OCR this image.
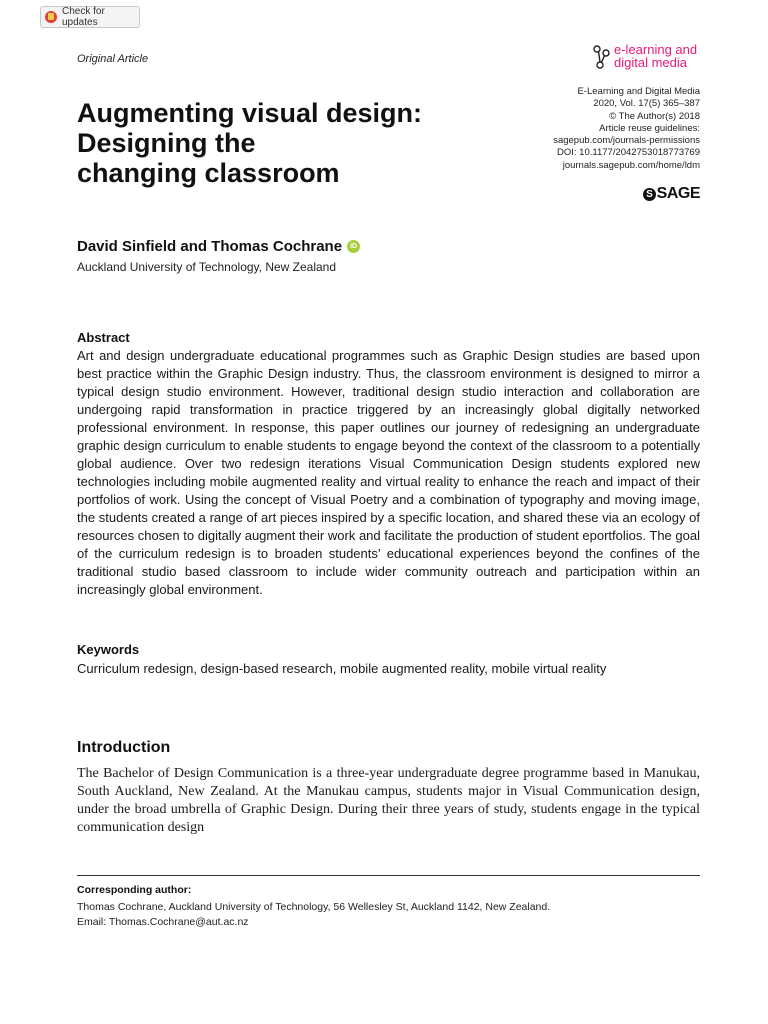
Check for updates
Original Article
e-learning and
digital media
E-Learning and Digital Media
2020, Vol. 17(5) 365–387
© The Author(s) 2018
Article reuse guidelines:
sagepub.com/journals-permissions
DOI: 10.1177/2042753018773769
journals.sagepub.com/home/ldm
S SAGE
Augmenting visual design:
Designing the
changing classroom
David Sinfield and Thomas Cochrane	iD
Auckland University of Technology, New Zealand
Abstract

Art and design undergraduate educational programmes such as Graphic Design studies are based upon best practice within the Graphic Design industry. Thus, the classroom environment is designed to mirror a typical design studio environment. However, traditional design studio interaction and collaboration are undergoing rapid transformation in practice triggered by an increasingly global digitally networked professional environment. In response, this paper outlines our journey of redesigning an undergraduate graphic design curriculum to enable students to engage beyond the context of the classroom to a potentially global audience. Over two redesign iterations Visual Communication Design students explored new technologies including mobile augmented reality and virtual reality to enhance the reach and impact of their portfolios of work. Using the concept of Visual Poetry and a combination of typography and moving image, the students created a range of art pieces inspired by a specific location, and shared these via an ecology of resources chosen to digitally augment their work and facilitate the production of student eportfolios. The goal of the curriculum redesign is to broaden students’ educational experiences beyond the confines of the traditional studio based classroom to include wider community outreach and participation within an increasingly global environment.

Keywords
Curriculum redesign, design-based research, mobile augmented reality, mobile virtual reality
Introduction

The Bachelor of Design Communication is a three-year undergraduate degree programme based in Manukau, South Auckland, New Zealand. At the Manukau campus, students major in Visual Communication design, under the broad umbrella of Graphic Design. During their three years of study, students engage in the typical communication design

Corresponding author:
Thomas Cochrane, Auckland University of Technology, 56 Wellesley St, Auckland 1142, New Zealand.
Email: Thomas.Cochrane@aut.ac.nz
